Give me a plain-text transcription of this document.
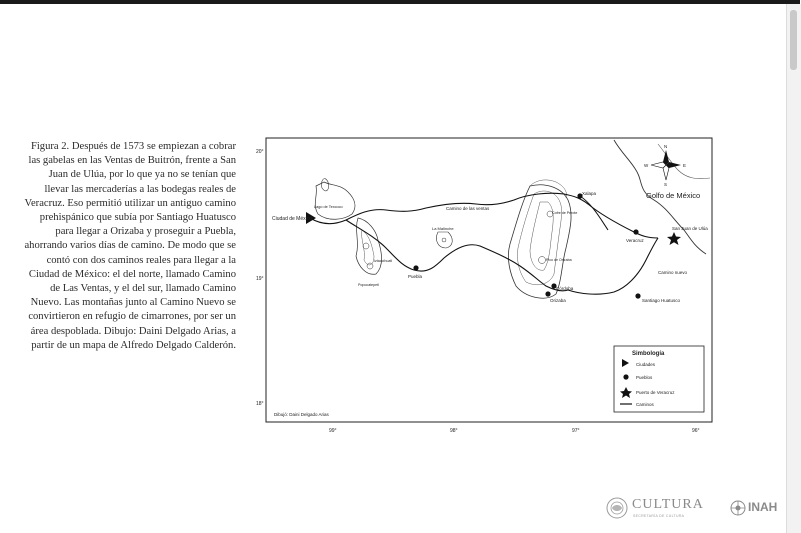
Figura 2. Después de 1573 se empiezan a cobrar las gabelas en las Ventas de Buitrón, frente a San Juan de Ulúa, por lo que ya no se tenían que llevar las mercaderías a las bodegas reales de Veracruz. Eso permitió utilizar un antiguo camino prehispánico que subía por Santiago Huatusco para llegar a Orizaba y proseguir a Puebla, ahorrando varios días de camino. De modo que se contó con dos caminos reales para llegar a la Ciudad de México: el del norte, llamado Camino de Las Ventas, y el del sur, llamado Camino Nuevo. Las montañas junto al Camino Nuevo se convirtieron en refugio de cimarrones, por ser un área despoblada. Dibujo: Daini Delgado Arias, a partir de un mapa de Alfredo Delgado Calderón.
20°
19°
18°
99°	98°	97°	96°
N
S
E
W
Ciudad de México
Lago de Texcoco
Popocatepetl
Iztaccíhuatl
La Malinche
Puebla
Camino de las ventas
Xalapa
Cofre de Perote
Pico de Orizaba
Córdoba
Orizaba
Veracruz
San Juan de Ulúa
Camino nuevo
Santiago Huatusco
Golfo de México
Dibujó: Daini Delgado Arias
Simbología
Ciudades
Pueblos
Puerto de Veracruz
Caminos
CULTURA
SECRETARÍA DE CULTURA
INAH
